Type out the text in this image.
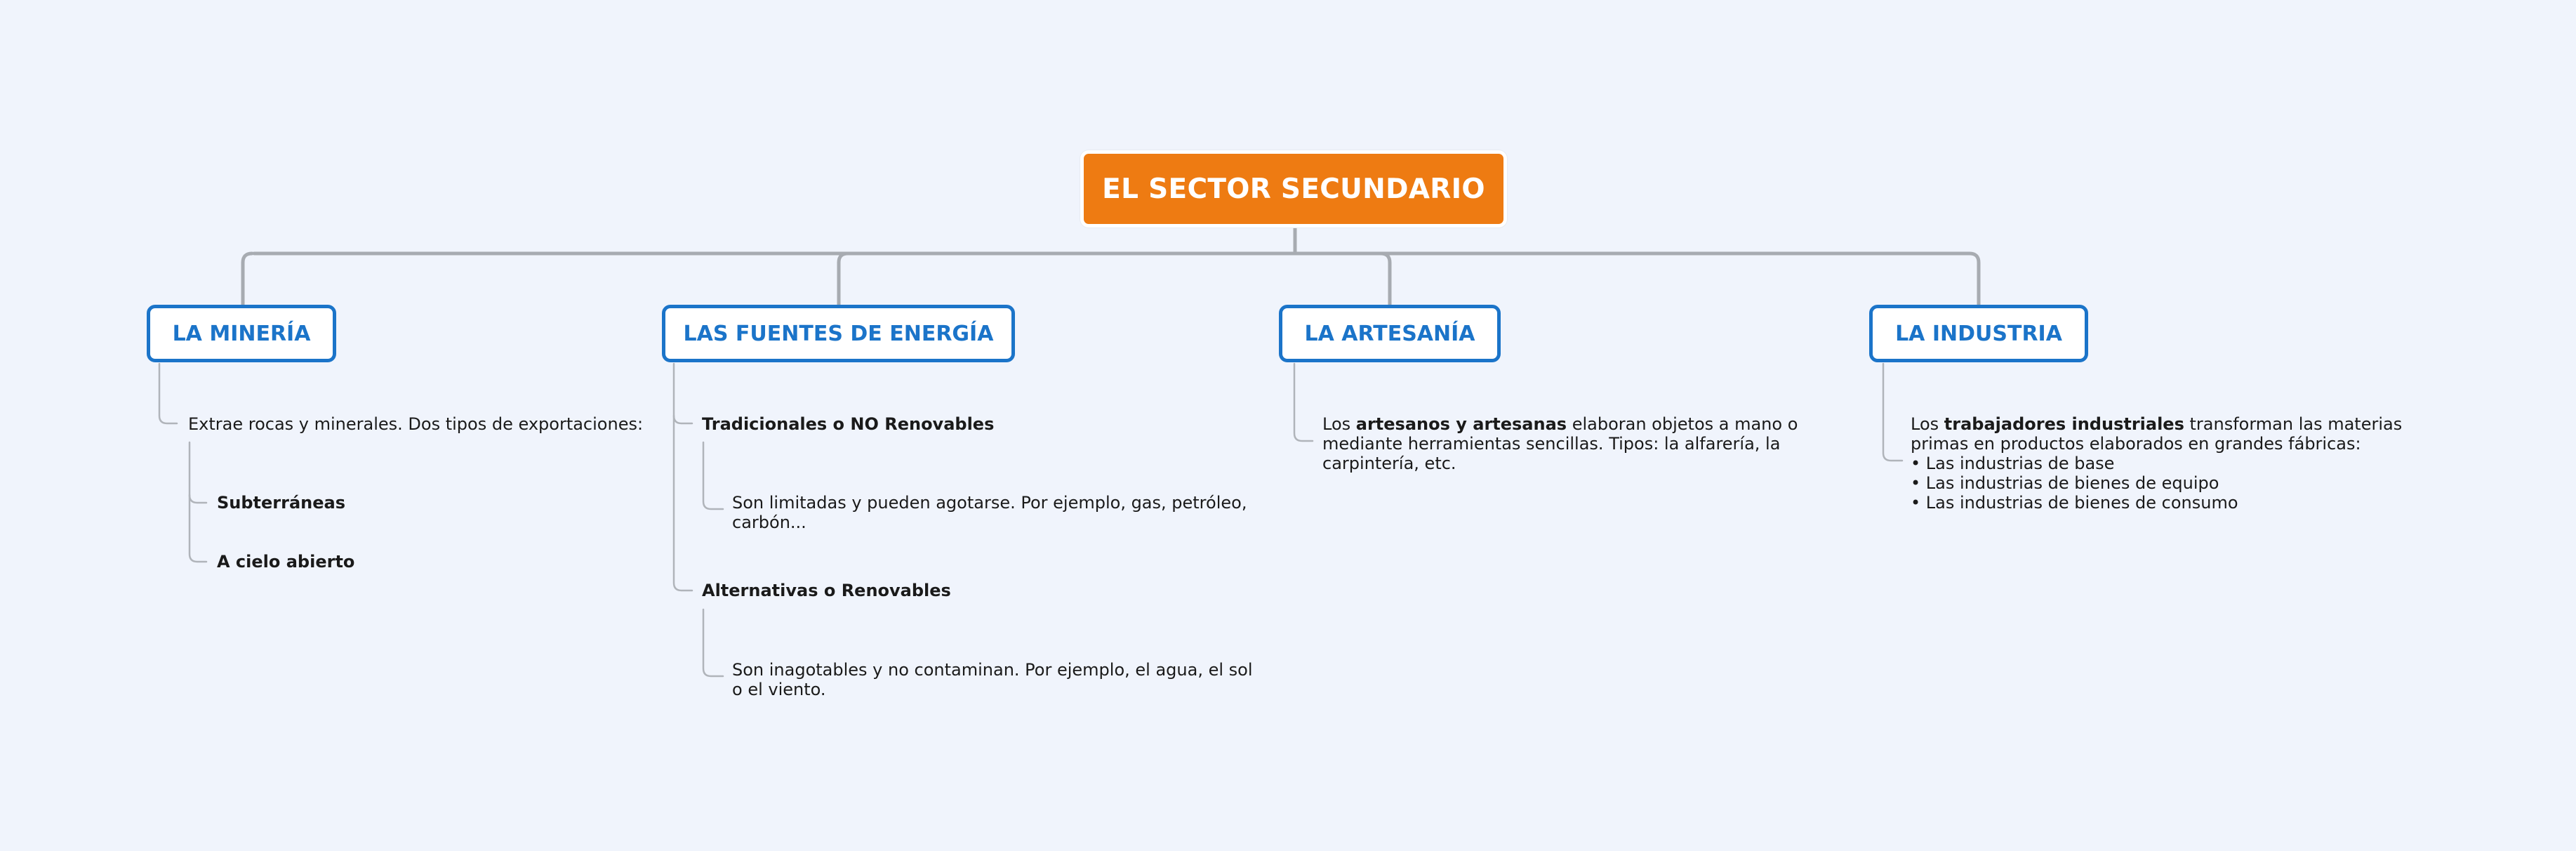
EL SECTOR SECUNDARIO
LA MINERÍA
Extrae rocas y minerales. Dos tipos de exportaciones:
Subterráneas
A cielo abierto
LAS FUENTES DE ENERGÍA
Tradicionales o NO Renovables
Son limitadas y pueden agotarse. Por ejemplo, gas, petróleo,
carbón...
Alternativas o Renovables
Son inagotables y no contaminan. Por ejemplo, el agua, el sol
o el viento.
LA ARTESANÍA
Los artesanos y artesanas elaboran objetos a mano o
mediante herramientas sencillas. Tipos: la alfarería, la
carpintería, etc.
LA INDUSTRIA
Los trabajadores industriales transforman las materias
primas en productos elaborados en grandes fábricas:
• Las industrias de base
• Las industrias de bienes de equipo
• Las industrias de bienes de consumo
